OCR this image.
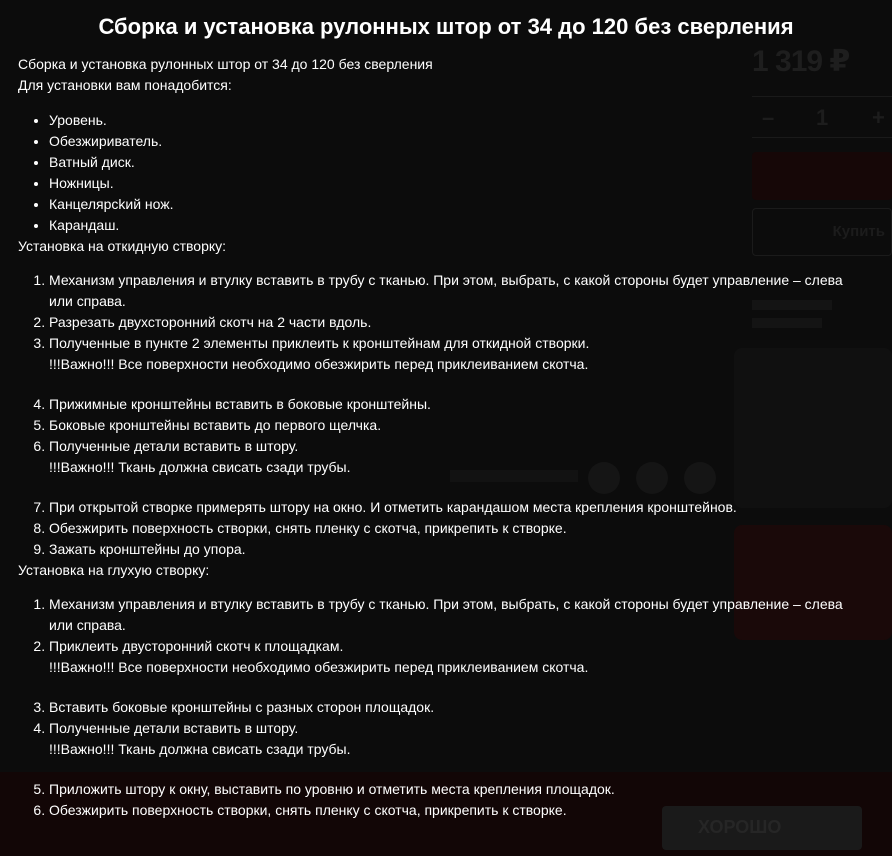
1 319 ₽
– 1 +
Купить
ХОРОШО
Сборка и установка рулонных штор от 34 до 120 без сверления

Сборка и установка рулонных штор от 34 до 120 без сверления

Для установки вам понадобится:

• Уровень.
• Обезжириватель.
• Ватный диск.
• Ножницы.
• Канцелярсkий нож.
• Карандаш.

Установка на откидную створку:

1. Механизм управления и втулку вставить в трубу с тканью. При этом, выбрать, с какой стороны будет управление – слева или справа.
2. Разрезать двухсторонний скотч на 2 части вдоль.
3. Полученные в пункте 2 элементы приклеить к кронштейнам для откидной створки.
!!!Важно!!! Все поверхности необходимо обезжирить перед приклеиванием скотча.
4. Прижимные кронштейны вставить в боковые кронштейны.
5. Боковые кронштейны вставить до первого щелчка.
6. Полученные детали вставить в штору.
!!!Важно!!! Ткань должна свисать сзади трубы.
7. При открытой створке примерять штору на окно. И отметить карандашом места крепления кронштейнов.
8. Обезжирить поверхность створки, снять пленку с скотча, прикрепить к створке.
9. Зажать кронштейны до упора.

Установка на глухую створку:

1. Механизм управления и втулку вставить в трубу с тканью. При этом, выбрать, с какой стороны будет управление – слева или справа.
2. Приклеить двусторонний скотч к площадкам.
!!!Важно!!! Все поверхности необходимо обезжирить перед приклеиванием скотча.
3. Вставить боковые кронштейны с разных сторон площадок.
4. Полученные детали вставить в штору.
!!!Важно!!! Ткань должна свисать сзади трубы.
5. Приложить штору к окну, выставить по уровню и отметить места крепления площадок.
6. Обезжирить поверхность створки, снять пленку с скотча, прикрепить к створке.
